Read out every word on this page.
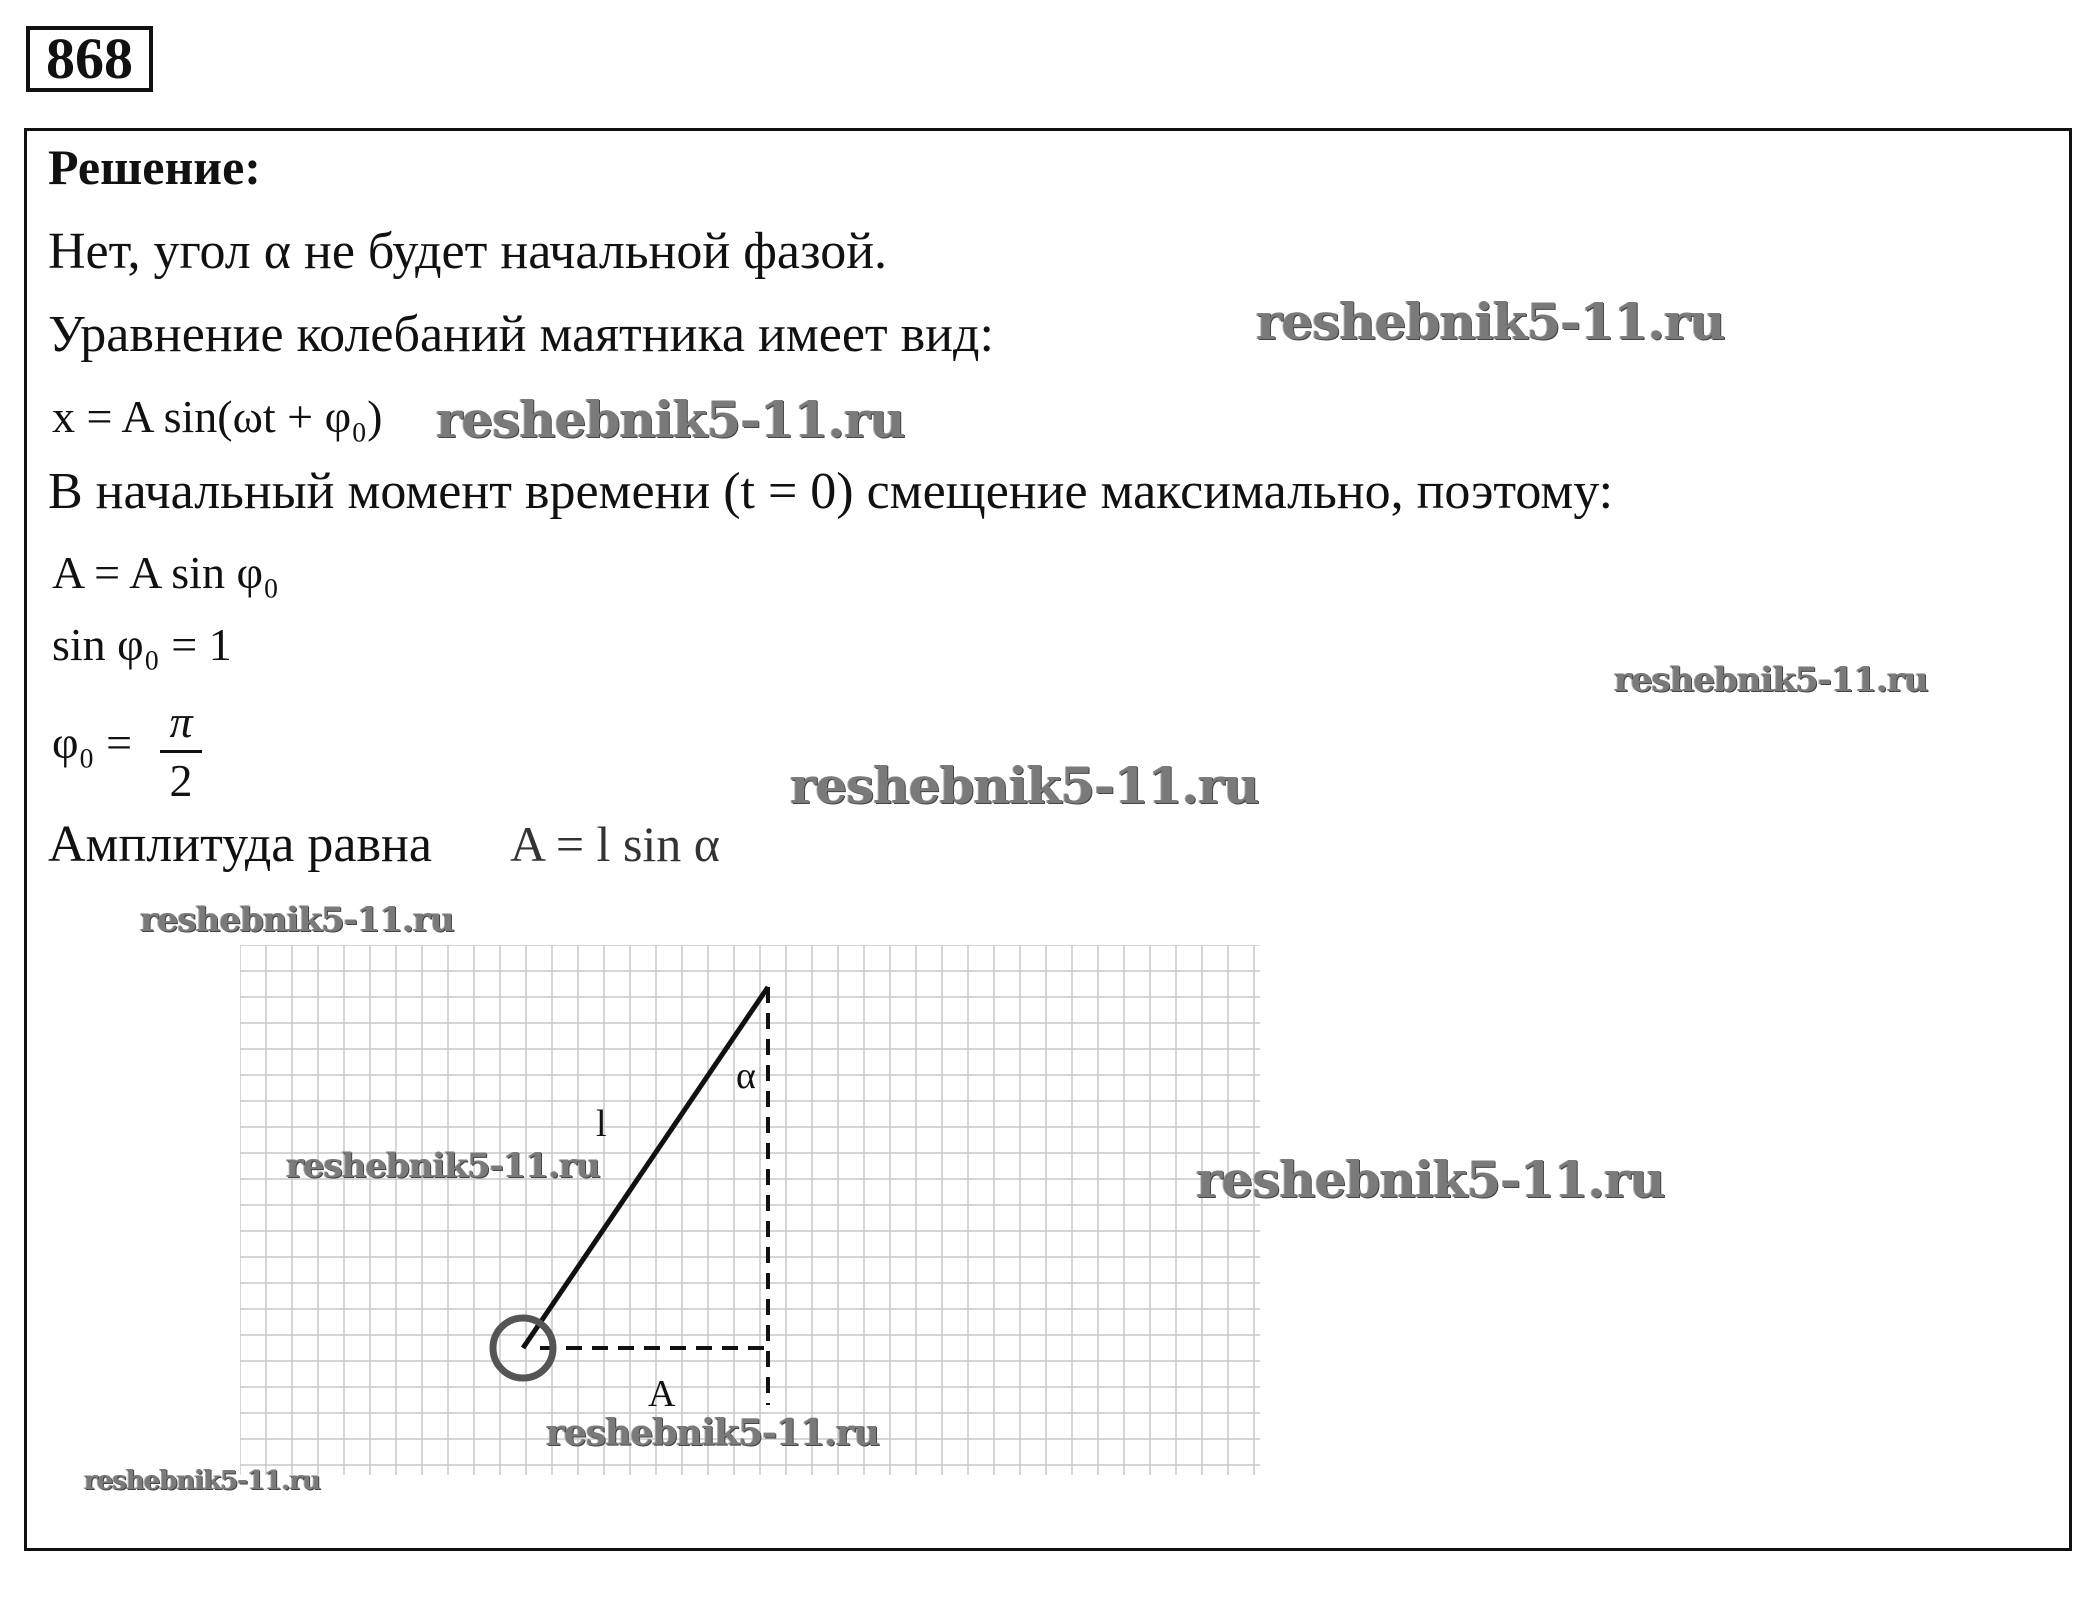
868
Решение:
Нет, угол α не будет начальной фазой.
Уравнение колебаний маятника имеет вид:
x = A sin(ωt + φ₀)
В начальный момент времени (t = 0) смещение максимально, поэтому:
A = A sin φ₀
sin φ₀ = 1
φ₀ = π
2
Амплитуда равна A = l sin α
l
α
A
reshebnik5-11.ru
reshebnik5-11.ru
reshebnik5-11.ru
reshebnik5-11.ru
reshebnik5-11.ru
reshebnik5-11.ru	reshebnik5-11.ru
reshebnik5-11.ru
reshebnik5-11.ru
